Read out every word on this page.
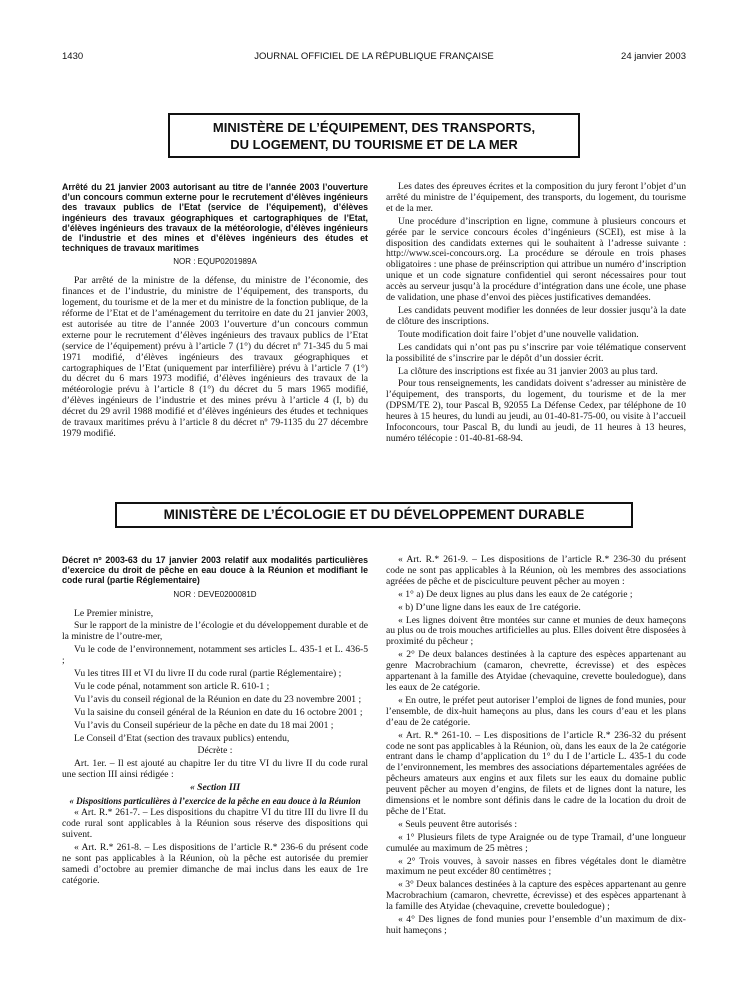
1430	JOURNAL OFFICIEL DE LA RÉPUBLIQUE FRANÇAISE	24 janvier 2003
MINISTÈRE DE L’ÉQUIPEMENT, DES TRANSPORTS,
DU LOGEMENT, DU TOURISME ET DE LA MER

Arrêté du 21 janvier 2003 autorisant au titre de l’année 2003 l’ouverture d’un concours commun externe pour le recrutement d’élèves ingénieurs des travaux publics de l’Etat (service de l’équipement), d’élèves ingénieurs des travaux géographiques et cartographiques de l’Etat, d’élèves ingénieurs des travaux de la météorologie, d’élèves ingénieurs de l’industrie et des mines et d’élèves ingénieurs des études et techniques de travaux maritimes

NOR : EQUP0201989A

Par arrêté de la ministre de la défense, du ministre de l’économie, des finances et de l’industrie, du ministre de l’équipement, des transports, du logement, du tourisme et de la mer et du ministre de la fonction publique, de la réforme de l’Etat et de l’aménagement du territoire en date du 21 janvier 2003, est autorisée au titre de l’année 2003 l’ouverture d’un concours commun externe pour le recrutement d’élèves ingénieurs des travaux publics de l’Etat (service de l’équipement) prévu à l’article 7 (1°) du décret nº 71-345 du 5 mai 1971 modifié, d’élèves ingénieurs des travaux géographiques et cartographiques de l’Etat (uniquement par interfilière) prévu à l’article 7 (1°) du décret du 6 mars 1973 modifié, d’élèves ingénieurs des travaux de la météorologie prévu à l’article 8 (1°) du décret du 5 mars 1965 modifié, d’élèves ingénieurs de l’industrie et des mines prévu à l’article 4 (I, b) du décret du 29 avril 1988 modifié et d’élèves ingénieurs des études et techniques de travaux maritimes prévu à l’article 8 du décret nº 79-1135 du 27 décembre 1979 modifié.

Les dates des épreuves écrites et la composition du jury feront l’objet d’un arrêté du ministre de l’équipement, des transports, du logement, du tourisme et de la mer.

Une procédure d’inscription en ligne, commune à plusieurs concours et gérée par le service concours écoles d’ingénieurs (SCEI), est mise à la disposition des candidats externes qui le souhaitent à l’adresse suivante : http://www.scei-concours.org. La procédure se déroule en trois phases obligatoires : une phase de préinscription qui attribue un numéro d’inscription unique et un code signature confidentiel qui seront nécessaires pour tout accès au serveur jusqu’à la procédure d’intégration dans une école, une phase de validation, une phase d’envoi des pièces justificatives demandées.

Les candidats peuvent modifier les données de leur dossier jusqu’à la date de clôture des inscriptions.

Toute modification doit faire l’objet d’une nouvelle validation.

Les candidats qui n’ont pas pu s’inscrire par voie télématique conservent la possibilité de s’inscrire par le dépôt d’un dossier écrit.

La clôture des inscriptions est fixée au 31 janvier 2003 au plus tard.

Pour tous renseignements, les candidats doivent s’adresser au ministère de l’équipement, des transports, du logement, du tourisme et de la mer (DPSM/TE 2), tour Pascal B, 92055 La Défense Cedex, par téléphone de 10 heures à 15 heures, du lundi au jeudi, au 01-40-81-75-00, ou visite à l’accueil Infoconcours, tour Pascal B, du lundi au jeudi, de 11 heures à 13 heures, numéro télécopie : 01-40-81-68-94.

MINISTÈRE DE L’ÉCOLOGIE ET DU DÉVELOPPEMENT DURABLE

Décret nº 2003-63 du 17 janvier 2003 relatif aux modalités particulières d’exercice du droit de pêche en eau douce à la Réunion et modifiant le code rural (partie Réglementaire)

NOR : DEVE0200081D

Le Premier ministre,

Sur le rapport de la ministre de l’écologie et du développement durable et de la ministre de l’outre-mer,

Vu le code de l’environnement, notamment ses articles L. 435-1 et L. 436-5 ;

Vu les titres III et VI du livre II du code rural (partie Réglementaire) ;

Vu le code pénal, notamment son article R. 610-1 ;

Vu l’avis du conseil régional de la Réunion en date du 23 novembre 2001 ;

Vu la saisine du conseil général de la Réunion en date du 16 octobre 2001 ;

Vu l’avis du Conseil supérieur de la pêche en date du 18 mai 2001 ;

Le Conseil d’Etat (section des travaux publics) entendu,

Décrète :

Art. 1er. – Il est ajouté au chapitre Ier du titre VI du livre II du code rural une section III ainsi rédigée :

« Section III

« Dispositions particulières à l’exercice de la pêche en eau douce à la Réunion

« Art. R.* 261-7. – Les dispositions du chapitre VI du titre III du livre II du code rural sont applicables à la Réunion sous réserve des dispositions qui suivent.

« Art. R.* 261-8. – Les dispositions de l’article R.* 236-6 du présent code ne sont pas applicables à la Réunion, où la pêche est autorisée du premier samedi d’octobre au premier dimanche de mai inclus dans les eaux de 1re catégorie.

« Art. R.* 261-9. – Les dispositions de l’article R.* 236-30 du présent code ne sont pas applicables à la Réunion, où les membres des associations agréées de pêche et de pisciculture peuvent pêcher au moyen :

« 1° a) De deux lignes au plus dans les eaux de 2e catégorie ;

« b) D’une ligne dans les eaux de 1re catégorie.

« Les lignes doivent être montées sur canne et munies de deux hameçons au plus ou de trois mouches artificielles au plus. Elles doivent être disposées à proximité du pêcheur ;

« 2° De deux balances destinées à la capture des espèces appartenant au genre Macrobrachium (camaron, chevrette, écrevisse) et des espèces appartenant à la famille des Atyidae (chevaquine, crevette bouledogue), dans les eaux de 2e catégorie.

« En outre, le préfet peut autoriser l’emploi de lignes de fond munies, pour l’ensemble, de dix-huit hameçons au plus, dans les cours d’eau et les plans d’eau de 2e catégorie.

« Art. R.* 261-10. – Les dispositions de l’article R.* 236-32 du présent code ne sont pas applicables à la Réunion, où, dans les eaux de la 2e catégorie entrant dans le champ d’application du 1° du I de l’article L. 435-1 du code de l’environnement, les membres des associations départementales agréées de pêcheurs amateurs aux engins et aux filets sur les eaux du domaine public peuvent pêcher au moyen d’engins, de filets et de lignes dont la nature, les dimensions et le nombre sont définis dans le cadre de la location du droit de pêche de l’Etat.

« Seuls peuvent être autorisés :

« 1° Plusieurs filets de type Araignée ou de type Tramail, d’une longueur cumulée au maximum de 25 mètres ;

« 2° Trois vouves, à savoir nasses en fibres végétales dont le diamètre maximum ne peut excéder 80 centimètres ;

« 3° Deux balances destinées à la capture des espèces appartenant au genre Macrobrachium (camaron, chevrette, écrevisse) et des espèces appartenant à la famille des Atyidae (chevaquine, crevette bouledogue) ;

« 4° Des lignes de fond munies pour l’ensemble d’un maximum de dix-huit hameçons ;
